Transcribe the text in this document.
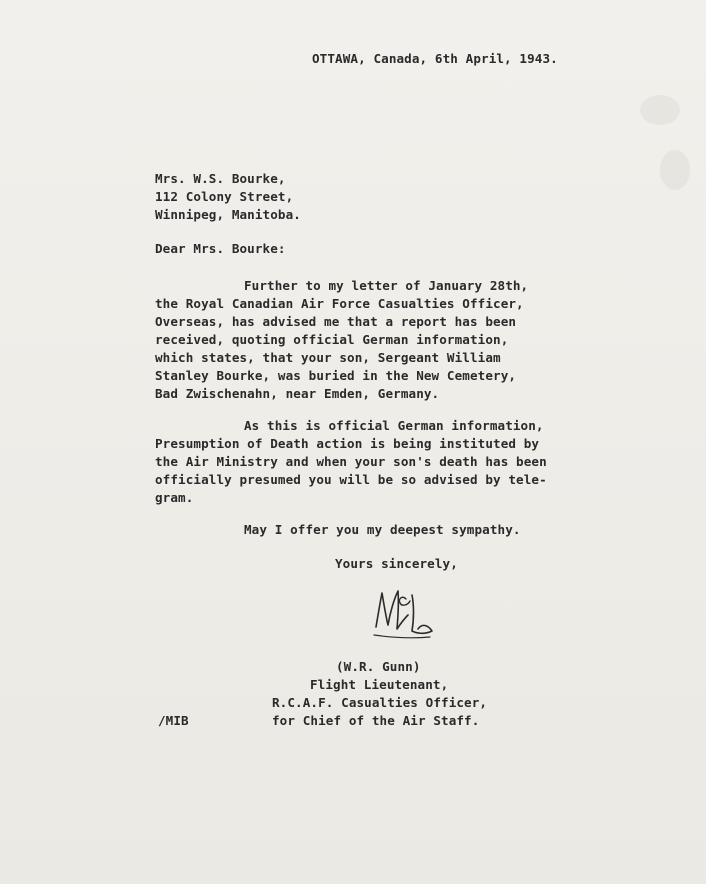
OTTAWA, Canada, 6th April, 1943.
Mrs. W.S. Bourke,
112 Colony Street,
Winnipeg, Manitoba.
Dear Mrs. Bourke:
Further to my letter of January 28th,
the Royal Canadian Air Force Casualties Officer,
Overseas, has advised me that a report has been
received, quoting official German information,
which states, that your son, Sergeant William
Stanley Bourke, was buried in the New Cemetery,
Bad Zwischenahn, near Emden, Germany.
As this is official German information,
Presumption of Death action is being instituted by
the Air Ministry and when your son's death has been
officially presumed you will be so advised by tele-
gram.
May I offer you my deepest sympathy.
Yours sincerely,
(W.R. Gunn)
Flight Lieutenant,
R.C.A.F. Casualties Officer,
for Chief of the Air Staff.
/MIB
